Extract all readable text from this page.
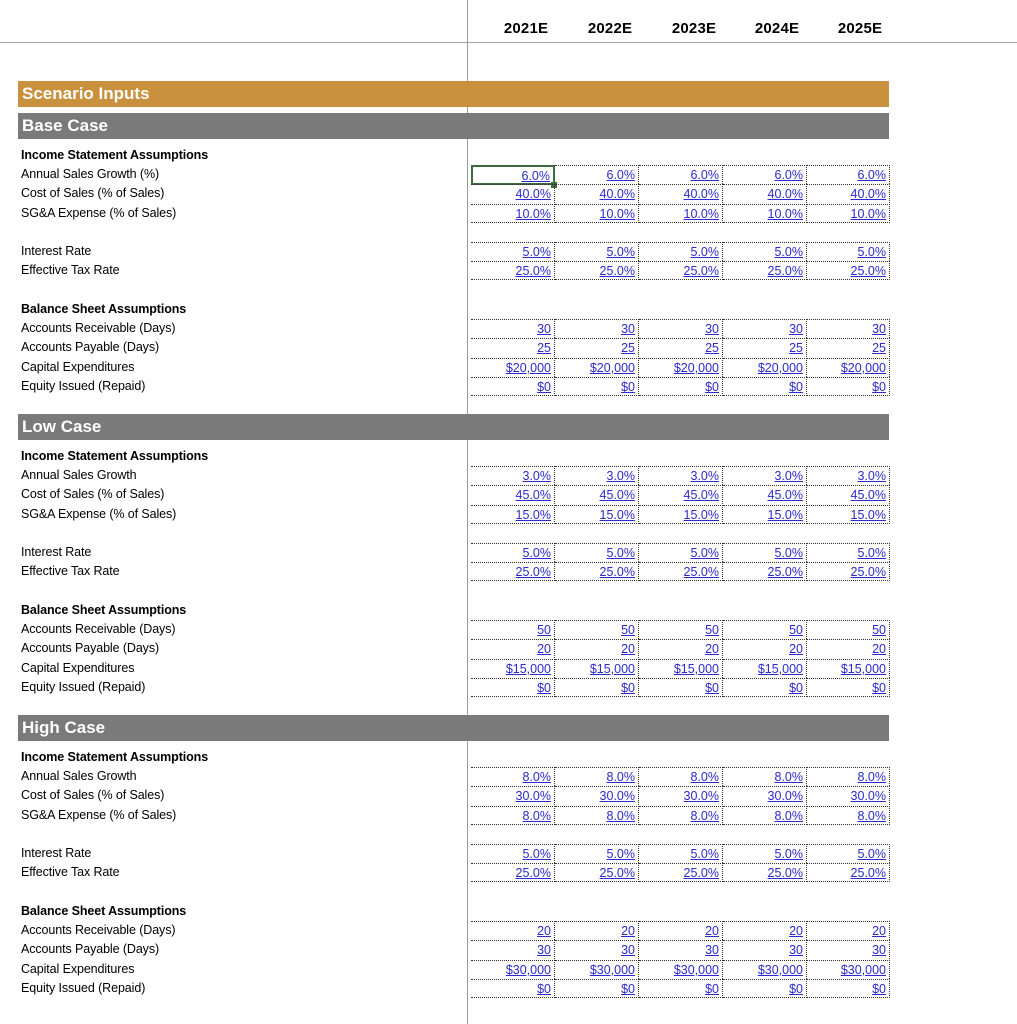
2021E	2022E	2023E	2024E	2025E
Scenario Inputs
Base Case
Income Statement Assumptions
Annual Sales Growth (%)	6.0%	6.0%	6.0%	6.0%	6.0%
Cost of Sales (% of Sales)	40.0%	40.0%	40.0%	40.0%	40.0%
SG&A Expense (% of Sales)	10.0%	10.0%	10.0%	10.0%	10.0%
Interest Rate	5.0%	5.0%	5.0%	5.0%	5.0%
Effective Tax Rate	25.0%	25.0%	25.0%	25.0%	25.0%
Balance Sheet Assumptions
Accounts Receivable (Days)	30	30	30	30	30
Accounts Payable (Days)	25	25	25	25	25
Capital Expenditures	$20,000	$20,000	$20,000	$20,000	$20,000
Equity Issued (Repaid)	$0	$0	$0	$0	$0
Low Case
Income Statement Assumptions
Annual Sales Growth	3.0%	3.0%	3.0%	3.0%	3.0%
Cost of Sales (% of Sales)	45.0%	45.0%	45.0%	45.0%	45.0%
SG&A Expense (% of Sales)	15.0%	15.0%	15.0%	15.0%	15.0%
Interest Rate	5.0%	5.0%	5.0%	5.0%	5.0%
Effective Tax Rate	25.0%	25.0%	25.0%	25.0%	25.0%
Balance Sheet Assumptions
Accounts Receivable (Days)	50	50	50	50	50
Accounts Payable (Days)	20	20	20	20	20
Capital Expenditures	$15,000	$15,000	$15,000	$15,000	$15,000
Equity Issued (Repaid)	$0	$0	$0	$0	$0
High Case
Income Statement Assumptions
Annual Sales Growth	8.0%	8.0%	8.0%	8.0%	8.0%
Cost of Sales (% of Sales)	30.0%	30.0%	30.0%	30.0%	30.0%
SG&A Expense (% of Sales)	8.0%	8.0%	8.0%	8.0%	8.0%
Interest Rate	5.0%	5.0%	5.0%	5.0%	5.0%
Effective Tax Rate	25.0%	25.0%	25.0%	25.0%	25.0%
Balance Sheet Assumptions
Accounts Receivable (Days)	20	20	20	20	20
Accounts Payable (Days)	30	30	30	30	30
Capital Expenditures	$30,000	$30,000	$30,000	$30,000	$30,000
Equity Issued (Repaid)	$0	$0	$0	$0	$0
